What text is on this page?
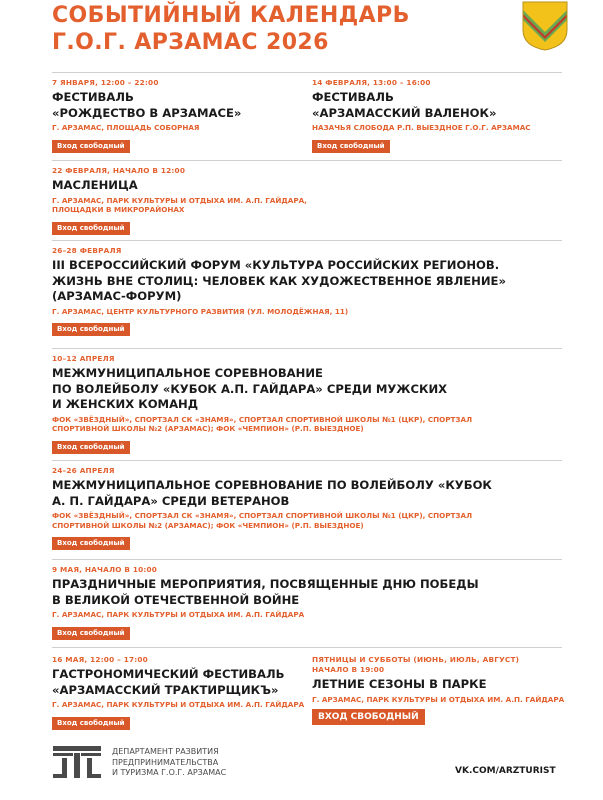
СОБЫТИЙНЫЙ КАЛЕНДАРЬ
Г.О.Г. АРЗАМАС 2026
7 ЯНВАРЯ, 12:00 – 22:00
ФЕСТИВАЛЬ
«РОЖДЕСТВО В АРЗАМАСЕ»
Г. АРЗАМАС, ПЛОЩАДЬ СОБОРНАЯ
Вход свободный
14 ФЕВРАЛЯ, 13:00 – 16:00
ФЕСТИВАЛЬ
«АРЗАМАССКИЙ ВАЛЕНОК»
НАЗАЧЬЯ СЛОБОДА Р.П. ВЫЕЗДНОЕ Г.О.Г. АРЗАМАС
Вход свободный
22 ФЕВРАЛЯ, НАЧАЛО В 12:00
МАСЛЕНИЦА
Г. АРЗАМАС, ПАРК КУЛЬТУРЫ И ОТДЫХА ИМ. А.П. ГАЙДАРА,
ПЛОЩАДКИ В МИКРОРАЙОНАХ
Вход свободный
26–28 ФЕВРАЛЯ
III ВСЕРОССИЙСКИЙ ФОРУМ «КУЛЬТУРА РОССИЙСКИХ РЕГИОНОВ.
ЖИЗНЬ ВНЕ СТОЛИЦ: ЧЕЛОВЕК КАК ХУДОЖЕСТВЕННОЕ ЯВЛЕНИЕ»
(АРЗАМАС-ФОРУМ)
Г. АРЗАМАС, ЦЕНТР КУЛЬТУРНОГО РАЗВИТИЯ (УЛ. МОЛОДЁЖНАЯ, 11)
Вход свободный
10–12 АПРЕЛЯ
МЕЖМУНИЦИПАЛЬНОЕ СОРЕВНОВАНИЕ
ПО ВОЛЕЙБОЛУ «КУБОК А.П. ГАЙДАРА» СРЕДИ МУЖСКИХ
И ЖЕНСКИХ КОМАНД
ФОК «ЗВЁЗДНЫЙ», СПОРТЗАЛ СК «ЗНАМЯ», СПОРТЗАЛ СПОРТИВНОЙ ШКОЛЫ №1 (ЦКР), СПОРТЗАЛ
СПОРТИВНОЙ ШКОЛЫ №2 (АРЗАМАС); ФОК «ЧЕМПИОН» (Р.П. ВЫЕЗДНОЕ)
Вход свободный
24–26 АПРЕЛЯ
МЕЖМУНИЦИПАЛЬНОЕ СОРЕВНОВАНИЕ ПО ВОЛЕЙБОЛУ «КУБОК
А. П. ГАЙДАРА» СРЕДИ ВЕТЕРАНОВ
ФОК «ЗВЁЗДНЫЙ», СПОРТЗАЛ СК «ЗНАМЯ», СПОРТЗАЛ СПОРТИВНОЙ ШКОЛЫ №1 (ЦКР), СПОРТЗАЛ
СПОРТИВНОЙ ШКОЛЫ №2 (АРЗАМАС); ФОК «ЧЕМПИОН» (Р.П. ВЫЕЗДНОЕ)
Вход свободный
9 МАЯ, НАЧАЛО В 10:00
ПРАЗДНИЧНЫЕ МЕРОПРИЯТИЯ, ПОСВЯЩЕННЫЕ ДНЮ ПОБЕДЫ
В ВЕЛИКОЙ ОТЕЧЕСТВЕННОЙ ВОЙНЕ
Г. АРЗАМАС, ПАРК КУЛЬТУРЫ И ОТДЫХА ИМ. А.П. ГАЙДАРА
Вход свободный
16 МАЯ, 12:00 – 17:00
ГАСТРОНОМИЧЕСКИЙ ФЕСТИВАЛЬ
«АРЗАМАССКИЙ ТРАКТИРЩИКЪ»
Г. АРЗАМАС, ПАРК КУЛЬТУРЫ И ОТДЫХА ИМ. А.П. ГАЙДАРА
Вход свободный
ПЯТНИЦЫ И СУББОТЫ (ИЮНЬ, ИЮЛЬ, АВГУСТ)
НАЧАЛО В 19:00
ЛЕТНИЕ СЕЗОНЫ В ПАРКЕ
Г. АРЗАМАС, ПАРК КУЛЬТУРЫ И ОТДЫХА ИМ. А.П. ГАЙДАРА
ВХОД СВОБОДНЫЙ
ДЕПАРТАМЕНТ РАЗВИТИЯ
ПРЕДПРИНИМАТЕЛЬСТВА
И ТУРИЗМА Г.О.Г. АРЗАМАС	VK.COM/ARZTURIST
